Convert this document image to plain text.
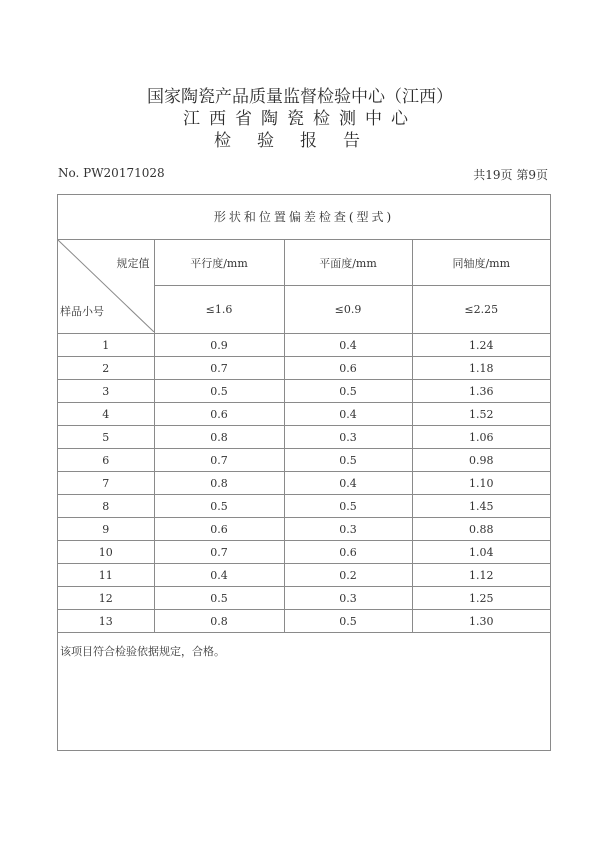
国家陶瓷产品质量监督检验中心（江西）
江西省陶瓷检测中心
检验报告
No. PW20171028	共19页 第9页
形状和位置偏差检查(型式)
规定值
样品小号	平行度/mm	平面度/mm	同轴度/mm
	≤1.6	≤0.9	≤2.25
1	0.9	0.4	1.24
2	0.7	0.6	1.18
3	0.5	0.5	1.36
4	0.6	0.4	1.52
5	0.8	0.3	1.06
6	0.7	0.5	0.98
7	0.8	0.4	1.10
8	0.5	0.5	1.45
9	0.6	0.3	0.88
10	0.7	0.6	1.04
11	0.4	0.2	1.12
12	0.5	0.3	1.25
13	0.8	0.5	1.30
该项目符合检验依据规定，合格。
